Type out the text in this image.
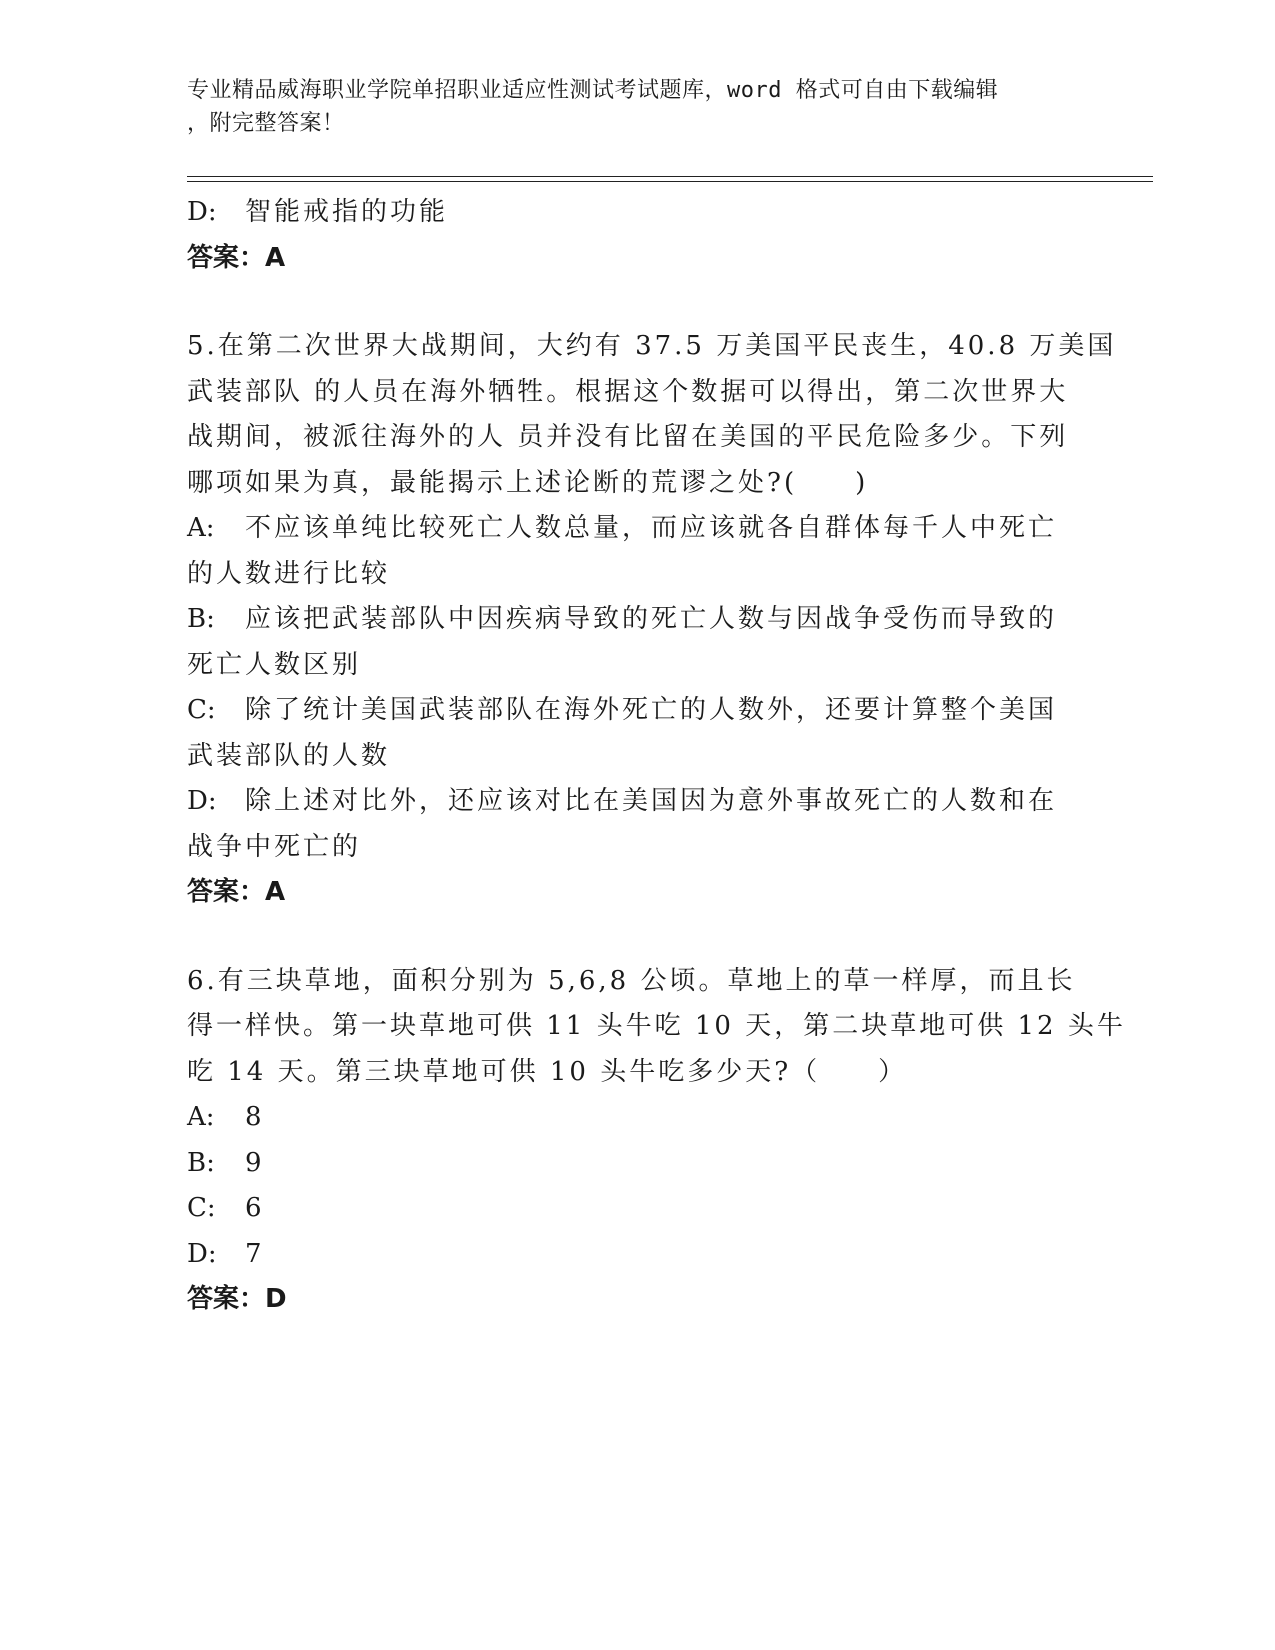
专业精品威海职业学院单招职业适应性测试考试题库，word 格式可自由下载编辑
，附完整答案！
D: 智能戒指的功能
答案：A
5.在第二次世界大战期间，大约有 37.5 万美国平民丧生，40.8 万美国
武装部队 的人员在海外牺牲。根据这个数据可以得出，第二次世界大
战期间，被派往海外的人 员并没有比留在美国的平民危险多少。下列
哪项如果为真，最能揭示上述论断的荒谬之处?(　　)
A: 不应该单纯比较死亡人数总量，而应该就各自群体每千人中死亡
的人数进行比较
B: 应该把武装部队中因疾病导致的死亡人数与因战争受伤而导致的
死亡人数区别
C: 除了统计美国武装部队在海外死亡的人数外，还要计算整个美国
武装部队的人数
D: 除上述对比外，还应该对比在美国因为意外事故死亡的人数和在
战争中死亡的
答案：A
6.有三块草地，面积分别为 5,6,8 公顷。草地上的草一样厚，而且长
得一样快。第一块草地可供 11 头牛吃 10 天，第二块草地可供 12 头牛
吃 14 天。第三块草地可供 10 头牛吃多少天?（　　）
A: 8
B: 9
C: 6
D: 7
答案：D
